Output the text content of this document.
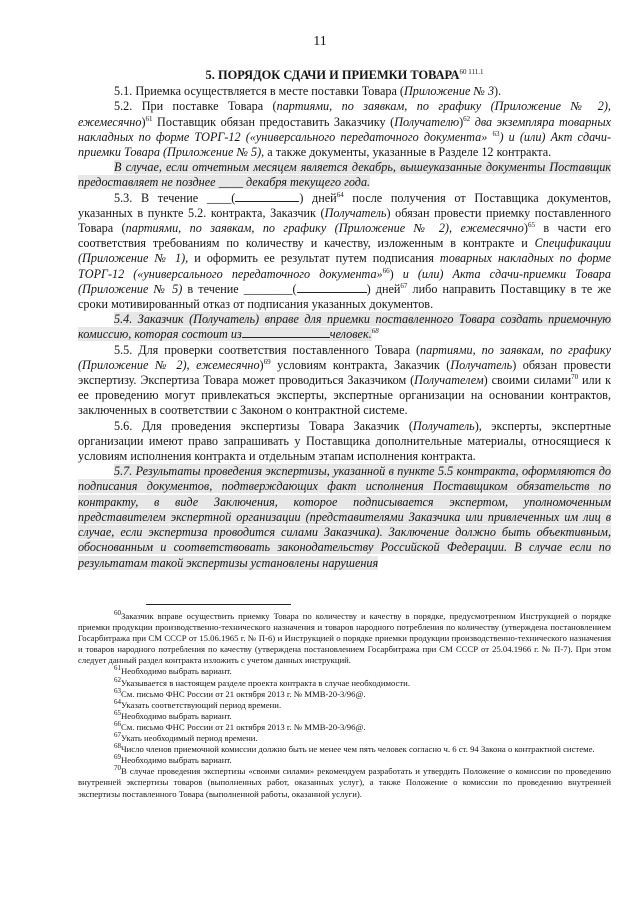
11
5. ПОРЯДОК СДАЧИ И ПРИЕМКИ $ТОВАРА^{60 111.1}$

5.1. Приемка осуществляется в месте поставки Товара (Приложение № 3).

5.2. При поставке Товара (партиями, по заявкам, по графику (Приложение № 2), ежемесячно)$^{61}$ Поставщик обязан предоставить Заказчику (Получателю)$^{62}$ два экземпляра товарных накладных по форме ТОРГ-12 («универсального передаточного документа» $^{63}$) и (или) Акт сдачи-приемки Товара (Приложение № 5), а также документы, указанные в Разделе 12 контракта.

В случае, если отчетным месяцем является декабрь, вышеуказанные документы Поставщик предоставляет не позднее ____ декабря текущего года.

5.3. В течение ____(	) дней$^{64}$ после получения от Поставщика документов, указанных в пункте 5.2. контракта, Заказчик (Получатель) обязан провести приемку поставленного Товара (партиями, по заявкам, по графику (Приложение № 2), ежемесячно)$^{65}$ в части его соответствия требованиям по количеству и качеству, изложенным в контракте и Спецификации (Приложение № 1), и оформить ее результат путем подписания товарных накладных по форме ТОРГ-12 («универсального передаточного документа»$^{66}$) и (или) Акта сдачи-приемки Товара (Приложение № 5) в течение ________(	) дней$^{67}$ либо направить Поставщику в те же сроки мотивированный отказ от подписания указанных документов.

5.4. Заказчик (Получатель) вправе для приемки поставленного Товара создать приемочную комиссию, которая состоит из	человек.$^{68}$

5.5. Для проверки соответствия поставленного Товара (партиями, по заявкам, по графику (Приложение № 2), ежемесячно)$^{69}$ условиям контракта, Заказчик (Получатель) обязан провести экспертизу. Экспертиза Товара может проводиться Заказчиком (Получателем) своими силами$^{70}$ или к ее проведению могут привлекаться эксперты, экспертные организации на основании контрактов, заключенных в соответствии с Законом о контрактной системе.

5.6. Для проведения экспертизы Товара Заказчик (Получатель), эксперты, экспертные организации имеют право запрашивать у Поставщика дополнительные материалы, относящиеся к условиям исполнения контракта и отдельным этапам исполнения контракта.

5.7. Результаты проведения экспертизы, указанной в пункте 5.5 контракта, оформляются до подписания документов, подтверждающих факт исполнения Поставщиком обязательств по контракту, в виде Заключения, которое подписывается экспертом, уполномоченным представителем экспертной организации (представителями Заказчика или привлеченных им лиц в случае, если экспертиза проводится силами Заказчика). Заключение должно быть объективным, обоснованным и соответствовать законодательству Российской Федерации. В случае если по результатам такой экспертизы установлены нарушения

$^{60}$Заказчик вправе осуществить приемку Товара по количеству и качеству в порядке, предусмотренном Инструкцией о порядке приемки продукции производственно-технического назначения и товаров народного потребления по количеству (утверждена постановлением Госарбитража при СМ СССР от 15.06.1965 г. № П-6) и Инструкцией о порядке приемки продукции производственно-технического назначения и товаров народного потребления по качеству (утверждена постановлением Госарбитража при СМ СССР от 25.04.1966 г. № П-7). При этом следует данный раздел контракта изложить с учетом данных инструкций.

$^{61}$Необходимо выбрать вариант.

$^{62}$Указывается в настоящем разделе проекта контракта в случае необходимости.

$^{63}$См. письмо ФНС России от 21 октября 2013 г. № ММВ-20-3/96@.

$^{64}$Указать соответствующий период времени.

$^{65}$Необходимо выбрать вариант.

$^{66}$См. письмо ФНС России от 21 октября 2013 г. № ММВ-20-3/96@.

$^{67}$Укать необходимый период времени.

$^{68}$Число членов приемочной комиссии должно быть не менее чем пять человек согласно ч. 6 ст. 94 Закона о контрактной системе.

$^{69}$Необходимо выбрать вариант.

$^{70}$В случае проведения экспертизы «своими силами» рекомендуем разработать и утвердить Положение о комиссии по проведению внутренней экспертизы товаров (выполненных работ, оказанных услуг), а также Положение о комиссии по проведению внутренней экспертизы поставленного Товара (выполненной работы, оказанной услуги).
